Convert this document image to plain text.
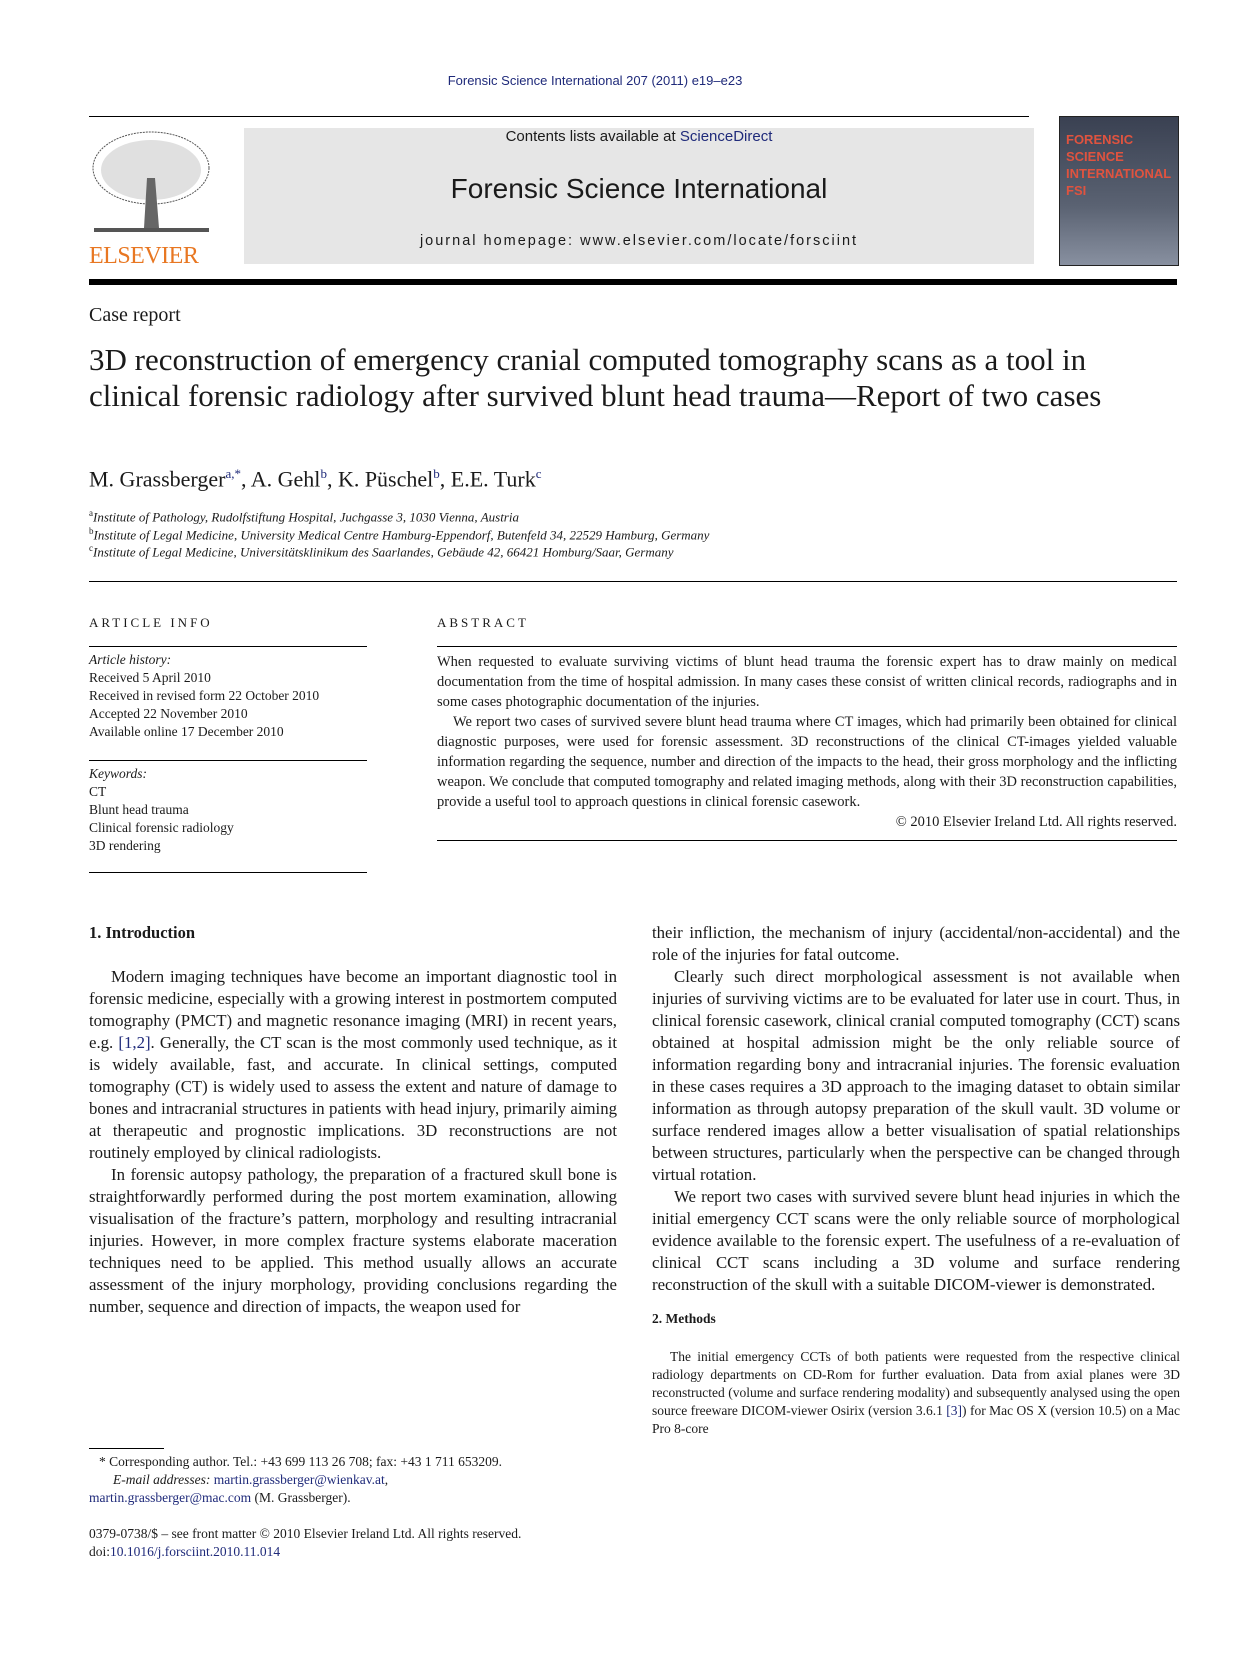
Forensic Science International 207 (2011) e19–e23
ELSEVIER
Contents lists available at ScienceDirect
Forensic Science International
journal homepage: www.elsevier.com/locate/forsciint
FORENSIC SCIENCE INTERNATIONAL FSI
Case report
3D reconstruction of emergency cranial computed tomography scans as a tool in clinical forensic radiology after survived blunt head trauma—Report of two cases
M. Grassberger$^{a,*}$, A. Gehl$^b$, K. Püschel$^b$, E.E. Turk$^c$
$^a$Institute of Pathology, Rudolfstiftung Hospital, Juchgasse 3, 1030 Vienna, Austria
$^b$Institute of Legal Medicine, University Medical Centre Hamburg-Eppendorf, Butenfeld 34, 22529 Hamburg, Germany
$^c$Institute of Legal Medicine, Universitätsklinikum des Saarlandes, Gebäude 42, 66421 Homburg/Saar, Germany
ARTICLE INFO
Article history:
Received 5 April 2010
Received in revised form 22 October 2010
Accepted 22 November 2010
Available online 17 December 2010
Keywords:
CT
Blunt head trauma
Clinical forensic radiology
3D rendering
ABSTRACT

When requested to evaluate surviving victims of blunt head trauma the forensic expert has to draw mainly on medical documentation from the time of hospital admission. In many cases these consist of written clinical records, radiographs and in some cases photographic documentation of the injuries.

We report two cases of survived severe blunt head trauma where CT images, which had primarily been obtained for clinical diagnostic purposes, were used for forensic assessment. 3D reconstructions of the clinical CT-images yielded valuable information regarding the sequence, number and direction of the impacts to the head, their gross morphology and the inflicting weapon. We conclude that computed tomography and related imaging methods, along with their 3D reconstruction capabilities, provide a useful tool to approach questions in clinical forensic casework.

© 2010 Elsevier Ireland Ltd. All rights reserved.
1. Introduction

Modern imaging techniques have become an important diagnostic tool in forensic medicine, especially with a growing interest in postmortem computed tomography (PMCT) and magnetic resonance imaging (MRI) in recent years, e.g. [1,2]. Generally, the CT scan is the most commonly used technique, as it is widely available, fast, and accurate. In clinical settings, computed tomography (CT) is widely used to assess the extent and nature of damage to bones and intracranial structures in patients with head injury, primarily aiming at therapeutic and prognostic implications. 3D reconstructions are not routinely employed by clinical radiologists.

In forensic autopsy pathology, the preparation of a fractured skull bone is straightforwardly performed during the post mortem examination, allowing visualisation of the fracture’s pattern, morphology and resulting intracranial injuries. However, in more complex fracture systems elaborate maceration techniques need to be applied. This method usually allows an accurate assessment of the injury morphology, providing conclusions regarding the number, sequence and direction of impacts, the weapon used for

* Corresponding author. Tel.: +43 699 113 26 708; fax: +43 1 711 653209.
E-mail addresses: martin.grassberger@wienkav.at,
martin.grassberger@mac.com (M. Grassberger).
0379-0738/$ – see front matter © 2010 Elsevier Ireland Ltd. All rights reserved.
doi:10.1016/j.forsciint.2010.11.014

their infliction, the mechanism of injury (accidental/non-accidental) and the role of the injuries for fatal outcome.

Clearly such direct morphological assessment is not available when injuries of surviving victims are to be evaluated for later use in court. Thus, in clinical forensic casework, clinical cranial computed tomography (CCT) scans obtained at hospital admission might be the only reliable source of information regarding bony and intracranial injuries. The forensic evaluation in these cases requires a 3D approach to the imaging dataset to obtain similar information as through autopsy preparation of the skull vault. 3D volume or surface rendered images allow a better visualisation of spatial relationships between structures, particularly when the perspective can be changed through virtual rotation.

We report two cases with survived severe blunt head injuries in which the initial emergency CCT scans were the only reliable source of morphological evidence available to the forensic expert. The usefulness of a re-evaluation of clinical CCT scans including a 3D volume and surface rendering reconstruction of the skull with a suitable DICOM-viewer is demonstrated.

2. Methods

The initial emergency CCTs of both patients were requested from the respective clinical radiology departments on CD-Rom for further evaluation. Data from axial planes were 3D reconstructed (volume and surface rendering modality) and subsequently analysed using the open source freeware DICOM-viewer Osirix (version 3.6.1 [3]) for Mac OS X (version 10.5) on a Mac Pro 8-core
